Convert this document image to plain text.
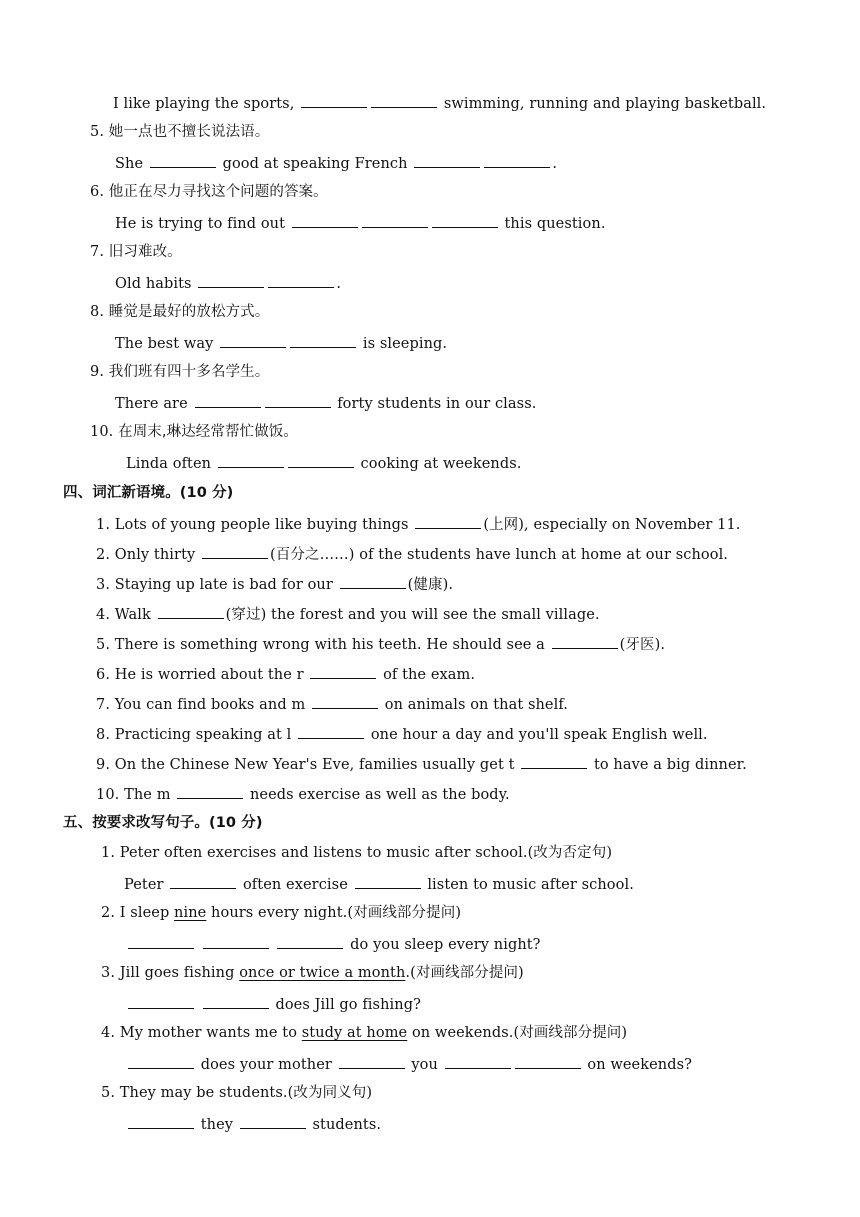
I like playing the sports,	swimming, running and playing basketball.
5. 她一点也不擅长说法语。
She	good at speaking French	.
6. 他正在尽力寻找这个问题的答案。
He is trying to find out	this question.
7. 旧习难改。
Old habits	.
8. 睡觉是最好的放松方式。
The best way	is sleeping.
9. 我们班有四十多名学生。
There are	forty students in our class.
10. 在周末,琳达经常帮忙做饭。
Linda often	cooking at weekends.
四、词汇新语境。(10 分)
1. Lots of young people like buying things	(上网), especially on November 11.
2. Only thirty	(百分之……) of the students have lunch at home at our school.
3. Staying up late is bad for our	(健康).
4. Walk	(穿过) the forest and you will see the small village.
5. There is something wrong with his teeth. He should see a	(牙医).
6. He is worried about the r	of the exam.
7. You can find books and m	on animals on that shelf.
8. Practicing speaking at l	one hour a day and you'll speak English well.
9. On the Chinese New Year's Eve, families usually get t	to have a big dinner.
10. The m	needs exercise as well as the body.
五、按要求改写句子。(10 分)
1. Peter often exercises and listens to music after school.(改为否定句)
Peter	often exercise	listen to music after school.
2. I sleep nine hours every night.(对画线部分提问)
do you sleep every night?
3. Jill goes fishing once or twice a month.(对画线部分提问)
does Jill go fishing?
4. My mother wants me to study at home on weekends.(对画线部分提问)
does your mother	you	on weekends?
5. They may be students.(改为同义句)
they	students.
